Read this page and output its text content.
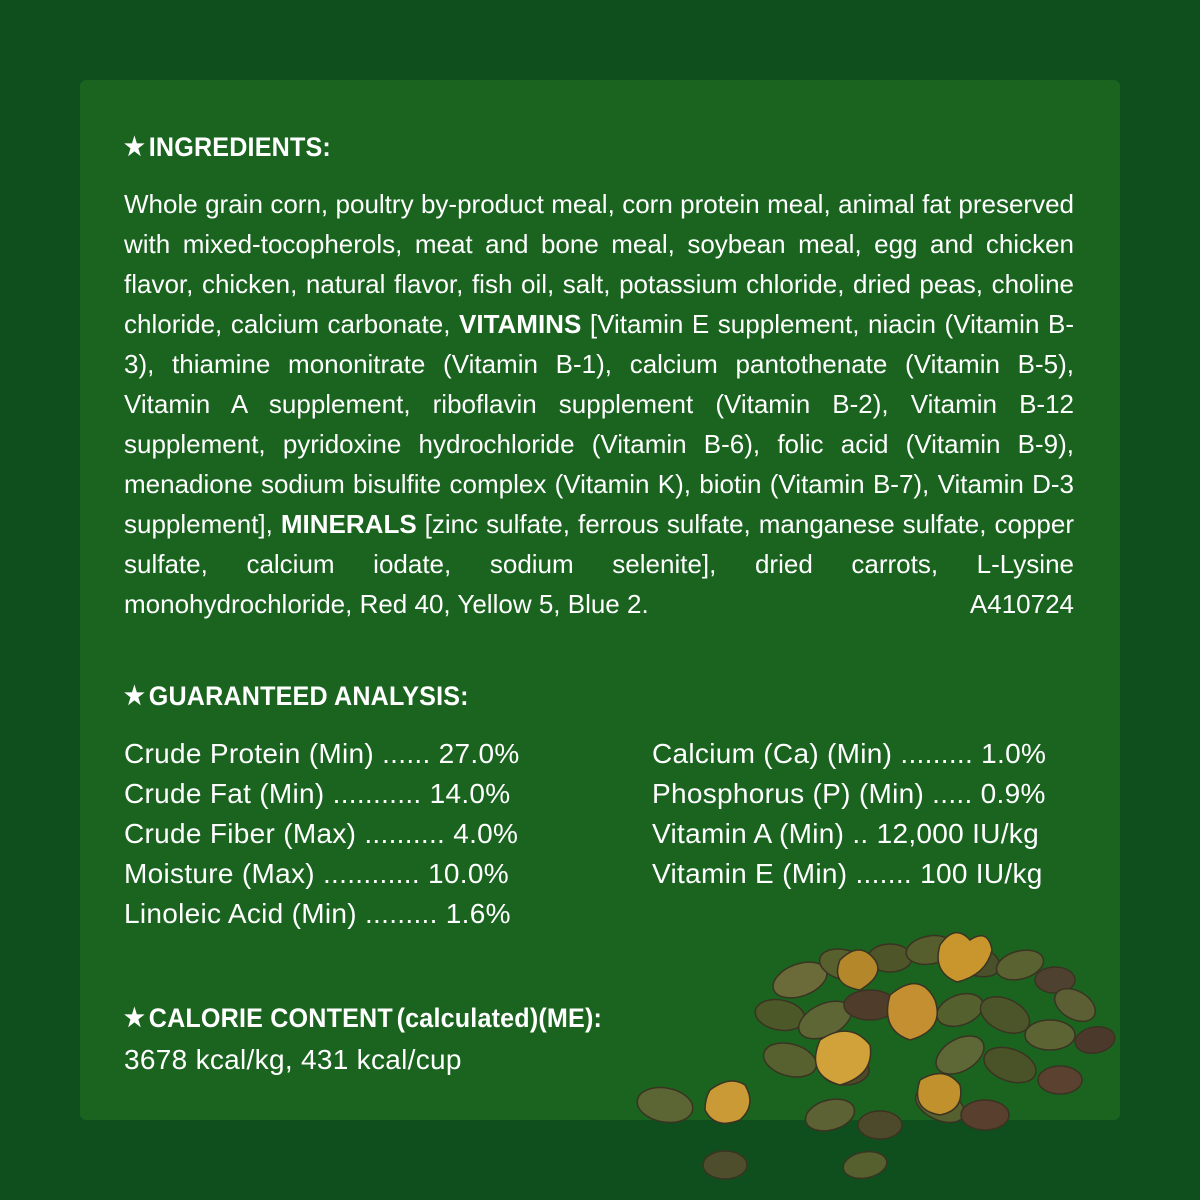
★ INGREDIENTS:
Whole grain corn, poultry by-product meal, corn protein meal, animal fat preserved with mixed-tocopherols, meat and bone meal, soybean meal, egg and chicken flavor, chicken, natural flavor, fish oil, salt, potassium chloride, dried peas, choline chloride, calcium carbonate, VITAMINS [Vitamin E supplement, niacin (Vitamin B-3), thiamine mononitrate (Vitamin B-1), calcium pantothenate (Vitamin B-5), Vitamin A supplement, riboflavin supplement (Vitamin B-2), Vitamin B-12 supplement, pyridoxine hydrochloride (Vitamin B-6), folic acid (Vitamin B-9), menadione sodium bisulfite complex (Vitamin K), biotin (Vitamin B-7), Vitamin D-3 supplement], MINERALS [zinc sulfate, ferrous sulfate, manganese sulfate, copper sulfate, calcium iodate, sodium selenite], dried carrots, L-Lysine monohydrochloride, Red 40, Yellow 5, Blue 2.	A410724
★ GUARANTEED ANALYSIS:
Crude Protein (Min) ...... 27.0%
Crude Fat (Min) ........... 14.0%
Crude Fiber (Max) .......... 4.0%
Moisture (Max) ............ 10.0%
Linoleic Acid (Min) ......... 1.6%
Calcium (Ca) (Min) ......... 1.0%
Phosphorus (P) (Min) ..... 0.9%
Vitamin A (Min) .. 12,000 IU/kg
Vitamin E (Min) ....... 100 IU/kg
★ CALORIE CONTENT (calculated)(ME):
3678 kcal/kg, 431 kcal/cup
